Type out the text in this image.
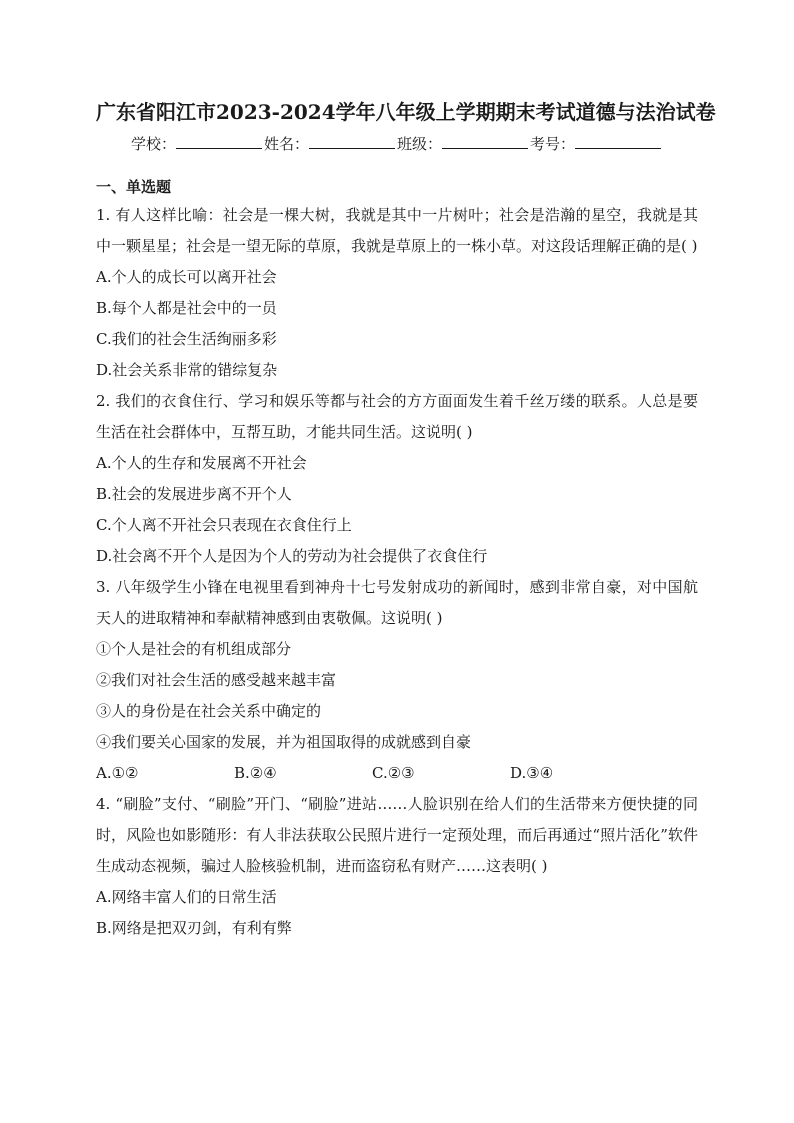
广东省阳江市2023-2024学年八年级上学期期末考试道德与法治试卷
学校：	姓名：	班级：	考号：
一、单选题

1. 有人这样比喻：社会是一棵大树，我就是其中一片树叶；社会是浩瀚的星空，我就是其中一颗星星；社会是一望无际的草原，我就是草原上的一株小草。对这段话理解正确的是( )

A.个人的成长可以离开社会

B.每个人都是社会中的一员

C.我们的社会生活绚丽多彩

D.社会关系非常的错综复杂

2. 我们的衣食住行、学习和娱乐等都与社会的方方面面发生着千丝万缕的联系。人总是要生活在社会群体中，互帮互助，才能共同生活。这说明( )

A.个人的生存和发展离不开社会

B.社会的发展进步离不开个人

C.个人离不开社会只表现在衣食住行上

D.社会离不开个人是因为个人的劳动为社会提供了衣食住行

3. 八年级学生小锋在电视里看到神舟十七号发射成功的新闻时，感到非常自豪，对中国航天人的进取精神和奉献精神感到由衷敬佩。这说明( )

①个人是社会的有机组成部分

②我们对社会生活的感受越来越丰富

③人的身份是在社会关系中确定的

④我们要关心国家的发展，并为祖国取得的成就感到自豪

A.①②	B.②④	C.②③	D.③④

4. “刷脸”支付、“刷脸”开门、“刷脸”进站……人脸识别在给人们的生活带来方便快捷的同时，风险也如影随形：有人非法获取公民照片进行一定预处理，而后再通过“照片活化”软件生成动态视频，骗过人脸核验机制，进而盗窃私有财产……这表明( )

A.网络丰富人们的日常生活

B.网络是把双刃剑，有利有弊
